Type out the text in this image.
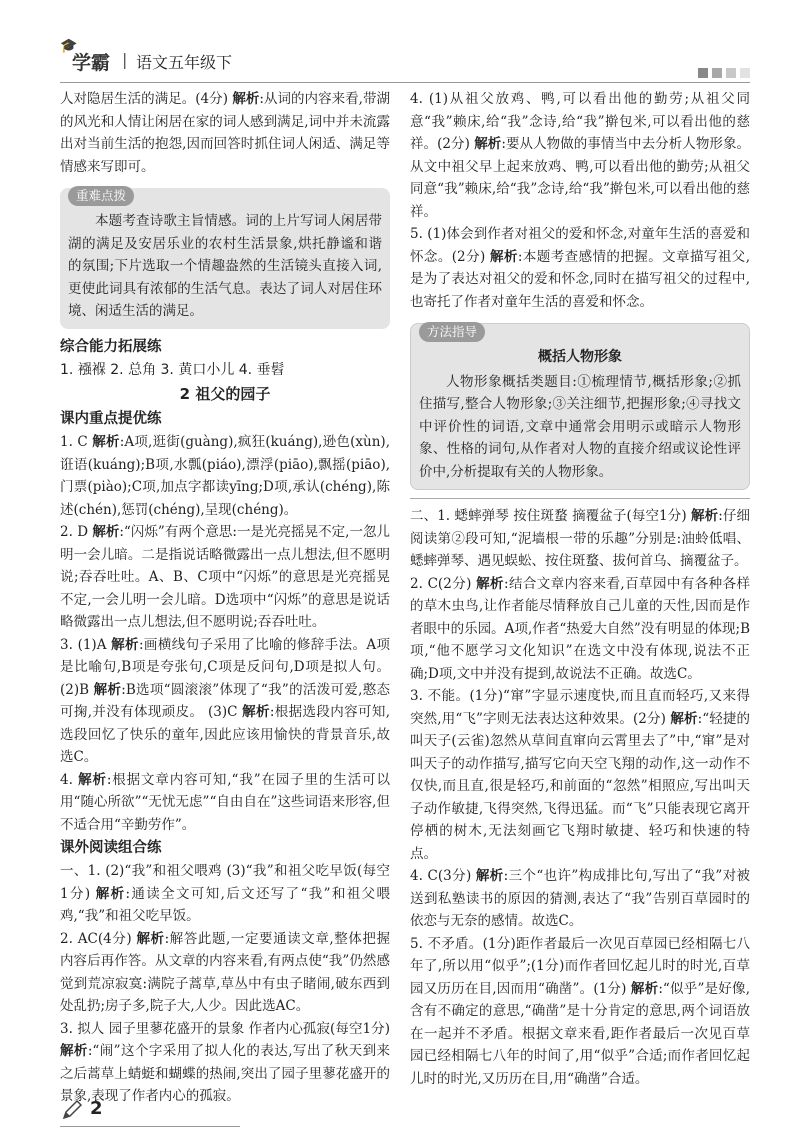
🎓
学霸 | 语文五年级下

人对隐居生活的满足。(4分) 解析:从词的内容来看,带湖的风光和人情让闲居在家的词人感到满足,词中并未流露出对当前生活的抱怨,因而回答时抓住词人闲适、满足等情感来写即可。

重难点拨

本题考查诗歌主旨情感。词的上片写词人闲居带湖的满足及安居乐业的农村生活景象,烘托静谧和谐的氛围;下片选取一个情趣盎然的生活镜头直接入词,更使此词具有浓郁的生活气息。表达了词人对居住环境、闲适生活的满足。

综合能力拓展练

1. 襁褓 2. 总角 3. 黄口小儿 4. 垂髫

2 祖父的园子

课内重点提优练

1. C 解析:A项,逛街(guàng),疯狂(kuáng),逊色(xùn),诳语(kuáng);B项,水瓢(piáo),漂浮(piāo),飘摇(piāo),门票(piào);C项,加点字都读yīng;D项,承认(chéng),陈述(chén),惩罚(chéng),呈现(chéng)。

2. D 解析:“闪烁”有两个意思:一是光亮摇晃不定,一忽儿明一会儿暗。二是指说话略微露出一点儿想法,但不愿明说;吞吞吐吐。A、B、C项中“闪烁”的意思是光亮摇晃不定,一会儿明一会儿暗。D选项中“闪烁”的意思是说话略微露出一点儿想法,但不愿明说;吞吞吐吐。

3. (1)A 解析:画横线句子采用了比喻的修辞手法。A项是比喻句,B项是夸张句,C项是反问句,D项是拟人句。 (2)B 解析:B选项“圆滚滚”体现了“我”的活泼可爱,憨态可掬,并没有体现顽皮。 (3)C 解析:根据选段内容可知,选段回忆了快乐的童年,因此应该用愉快的背景音乐,故选C。

4. 解析:根据文章内容可知,“我”在园子里的生活可以用“随心所欲”“无忧无虑”“自由自在”这些词语来形容,但不适合用“辛勤劳作”。

课外阅读组合练

一、1. (2)“我”和祖父喂鸡 (3)“我”和祖父吃早饭(每空1分) 解析:通读全文可知,后文还写了“我”和祖父喂鸡,“我”和祖父吃早饭。

2. AC(4分) 解析:解答此题,一定要通读文章,整体把握内容后再作答。从文章的内容来看,有两点使“我”仍然感觉到荒凉寂寞:满院子蒿草,草丛中有虫子睹闹,破东西到处乱扔;房子多,院子大,人少。因此选AC。

3. 拟人 园子里蓼花盛开的景象 作者内心孤寂(每空1分) 解析:“闹”这个字采用了拟人化的表达,写出了秋天到来之后蒿草上蜻蜓和蝴蝶的热闹,突出了园子里蓼花盛开的景象,表现了作者内心的孤寂。

4. (1)从祖父放鸡、鸭,可以看出他的勤劳;从祖父同意“我”赖床,给“我”念诗,给“我”擀包米,可以看出他的慈祥。(2分) 解析:要从人物做的事情当中去分析人物形象。从文中祖父早上起来放鸡、鸭,可以看出他的勤劳;从祖父同意“我”赖床,给“我”念诗,给“我”擀包米,可以看出他的慈祥。

5. (1)体会到作者对祖父的爱和怀念,对童年生活的喜爱和怀念。(2分) 解析:本题考查感情的把握。文章描写祖父,是为了表达对祖父的爱和怀念,同时在描写祖父的过程中,也寄托了作者对童年生活的喜爱和怀念。

方法指导

概括人物形象

人物形象概括类题目:①梳理情节,概括形象;②抓住描写,整合人物形象;③关注细节,把握形象;④寻找文中评价性的词语,文章中通常会用明示或暗示人物形象、性格的词句,从作者对人物的直接介绍或议论性评价中,分析提取有关的人物形象。

二、1. 蟋蟀弹琴 按住斑蝥 摘覆盆子(每空1分) 解析:仔细阅读第②段可知,“泥墙根一带的乐趣”分别是:油蛉低唱、蟋蟀弹琴、遇见蜈蚣、按住斑蝥、拔何首乌、摘覆盆子。

2. C(2分) 解析:结合文章内容来看,百草园中有各种各样的草木虫鸟,让作者能尽情释放自己儿童的天性,因而是作者眼中的乐园。A项,作者“热爱大自然”没有明显的体现;B项,“他不愿学习文化知识”在选文中没有体现,说法不正确;D项,文中并没有提到,故说法不正确。故选C。

3. 不能。(1分)“窜”字显示速度快,而且直而轻巧,又来得突然,用“飞”字则无法表达这种效果。(2分) 解析:“轻捷的叫天子(云雀)忽然从草间直窜向云霄里去了”中,“窜”是对叫天子的动作描写,描写它向天空飞翔的动作,这一动作不仅快,而且直,很是轻巧,和前面的“忽然”相照应,写出叫天子动作敏捷,飞得突然,飞得迅猛。而“飞”只能表现它离开停栖的树木,无法刻画它飞翔时敏捷、轻巧和快速的特点。

4. C(3分) 解析:三个“也许”构成排比句,写出了“我”对被送到私塾读书的原因的猜测,表达了“我”告别百草园时的依恋与无奈的感情。故选C。

5. 不矛盾。(1分)距作者最后一次见百草园已经相隔七八年了,所以用“似乎”;(1分)而作者回忆起儿时的时光,百草园又历历在目,因而用“确凿”。(1分) 解析:“似乎”是好像,含有不确定的意思,“确凿”是十分肯定的意思,两个词语放在一起并不矛盾。根据文章来看,距作者最后一次见百草园已经相隔七八年的时间了,用“似乎”合适;而作者回忆起儿时的时光,又历历在目,用“确凿”合适。

2
